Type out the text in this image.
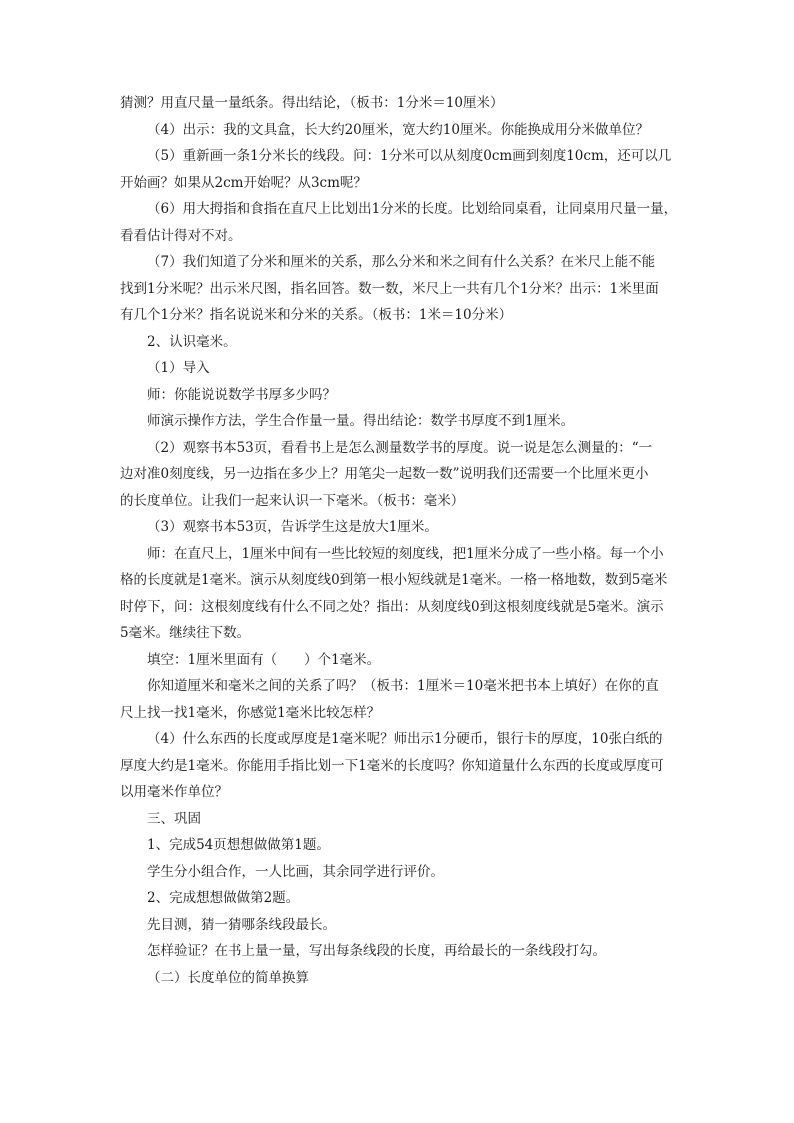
猜测？用直尺量一量纸条。得出结论，（板书：1分米＝10厘米）
（4）出示：我的文具盒，长大约20厘米，宽大约10厘米。你能换成用分米做单位？
（5）重新画一条1分米长的线段。问：1分米可以从刻度0cm画到刻度10cm，还可以几
开始画？如果从2cm开始呢？从3cm呢？
（6）用大拇指和食指在直尺上比划出1分米的长度。比划给同桌看，让同桌用尺量一量，
看看估计得对不对。
（7）我们知道了分米和厘米的关系，那么分米和米之间有什么关系？在米尺上能不能
找到1分米呢？出示米尺图，指名回答。数一数，米尺上一共有几个1分米？出示：1米里面
有几个1分米？指名说说米和分米的关系。（板书：1米＝10分米）
2、认识毫米。
（1）导入
师：你能说说数学书厚多少吗？
师演示操作方法，学生合作量一量。得出结论：数学书厚度不到1厘米。
（2）观察书本53页，看看书上是怎么测量数学书的厚度。说一说是怎么测量的：“一
边对准0刻度线，另一边指在多少上？用笔尖一起数一数”说明我们还需要一个比厘米更小
的长度单位。让我们一起来认识一下毫米。（板书：毫米）
（3）观察书本53页，告诉学生这是放大1厘米。
师：在直尺上，1厘米中间有一些比较短的刻度线，把1厘米分成了一些小格。每一个小
格的长度就是1毫米。演示从刻度线0到第一根小短线就是1毫米。一格一格地数，数到5毫米
时停下，问：这根刻度线有什么不同之处？指出：从刻度线0到这根刻度线就是5毫米。演示
5毫米。继续往下数。
填空：1厘米里面有（　　）个1毫米。
你知道厘米和毫米之间的关系了吗？（板书：1厘米＝10毫米把书本上填好）在你的直
尺上找一找1毫米，你感觉1毫米比较怎样？
（4）什么东西的长度或厚度是1毫米呢？师出示1分硬币，银行卡的厚度，10张白纸的
厚度大约是1毫米。你能用手指比划一下1毫米的长度吗？你知道量什么东西的长度或厚度可
以用毫米作单位？
三、巩固
1、完成54页想想做做第1题。
学生分小组合作，一人比画，其余同学进行评价。
2、完成想想做做第2题。
先目测，猜一猜哪条线段最长。
怎样验证？在书上量一量，写出每条线段的长度，再给最长的一条线段打勾。
（二）长度单位的简单换算
